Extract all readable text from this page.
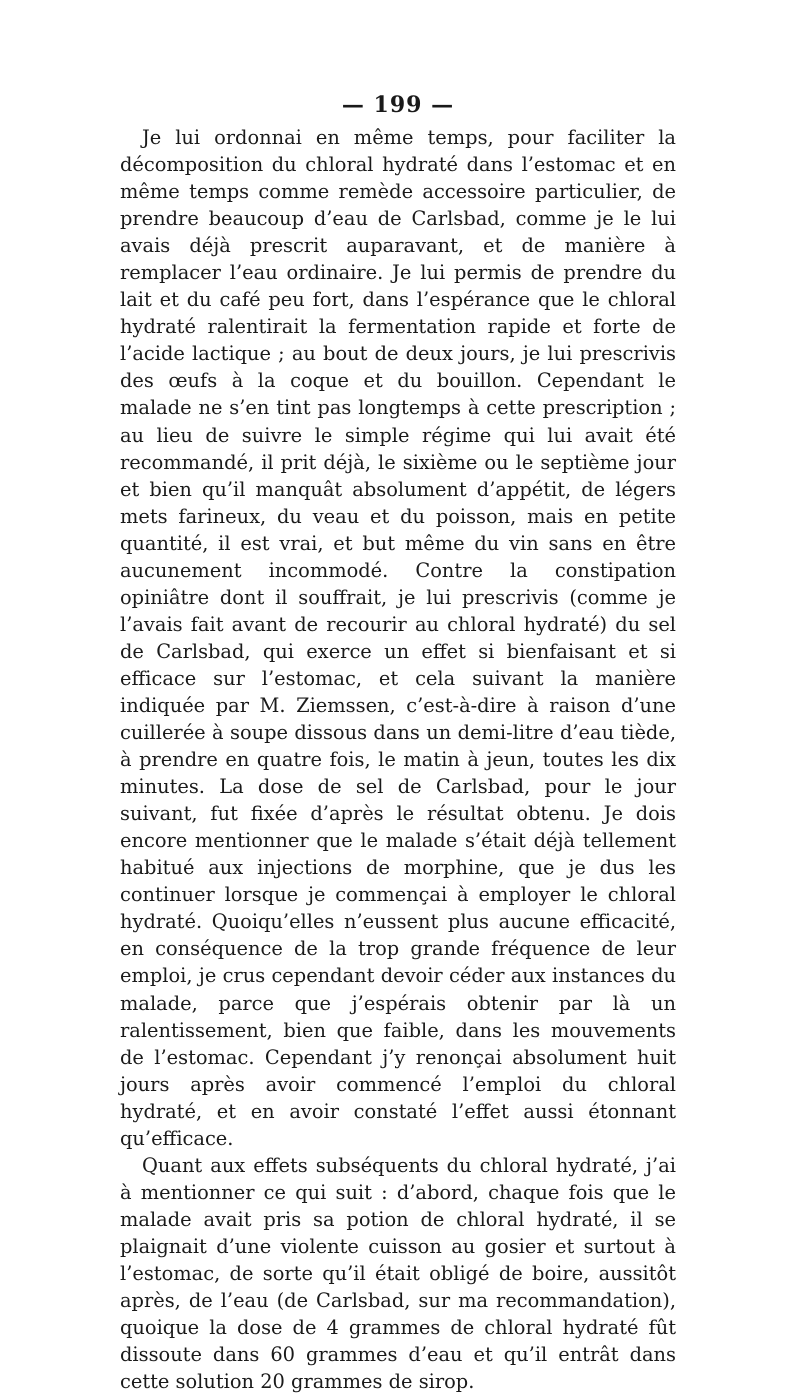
— 199 —

Je lui ordonnai en même temps, pour faciliter la décomposition du chloral hydraté dans l’estomac et en même temps comme remède accessoire particulier, de prendre beaucoup d’eau de Carlsbad, comme je le lui avais déjà prescrit auparavant, et de manière à remplacer l’eau ordinaire. Je lui permis de prendre du lait et du café peu fort, dans l’espérance que le chloral hydraté ralentirait la fermentation rapide et forte de l’acide lactique ; au bout de deux jours, je lui prescrivis des œufs à la coque et du bouillon. Cependant le malade ne s’en tint pas longtemps à cette prescription ; au lieu de suivre le simple régime qui lui avait été recommandé, il prit déjà, le sixième ou le septième jour et bien qu’il manquât absolument d’appétit, de légers mets farineux, du veau et du poisson, mais en petite quantité, il est vrai, et but même du vin sans en être aucunement incommodé. Contre la constipation opiniâtre dont il souffrait, je lui prescrivis (comme je l’avais fait avant de recourir au chloral hydraté) du sel de Carlsbad, qui exerce un effet si bienfaisant et si efficace sur l’estomac, et cela suivant la manière indiquée par M. Ziemssen, c’est-à-dire à raison d’une cuillerée à soupe dissous dans un demi-litre d’eau tiède, à prendre en quatre fois, le matin à jeun, toutes les dix minutes. La dose de sel de Carlsbad, pour le jour suivant, fut fixée d’après le résultat obtenu. Je dois encore mentionner que le malade s’était déjà tellement habitué aux injections de morphine, que je dus les continuer lorsque je commençai à employer le chloral hydraté. Quoiqu’elles n’eussent plus aucune efficacité, en conséquence de la trop grande fréquence de leur emploi, je crus cependant devoir céder aux instances du malade, parce que j’espérais obtenir par là un ralentissement, bien que faible, dans les mouvements de l’estomac. Cependant j’y renonçai absolument huit jours après avoir commencé l’emploi du chloral hydraté, et en avoir constaté l’effet aussi étonnant qu’efficace.

Quant aux effets subséquents du chloral hydraté, j’ai à mentionner ce qui suit : d’abord, chaque fois que le malade avait pris sa potion de chloral hydraté, il se plaignait d’une violente cuisson au gosier et surtout à l’estomac, de sorte qu’il était obligé de boire, aussitôt après, de l’eau (de Carlsbad, sur ma recommandation), quoique la dose de 4 grammes de chloral hydraté fût dissoute dans 60 grammes d’eau et qu’il entrât dans cette solution 20 grammes de sirop.
